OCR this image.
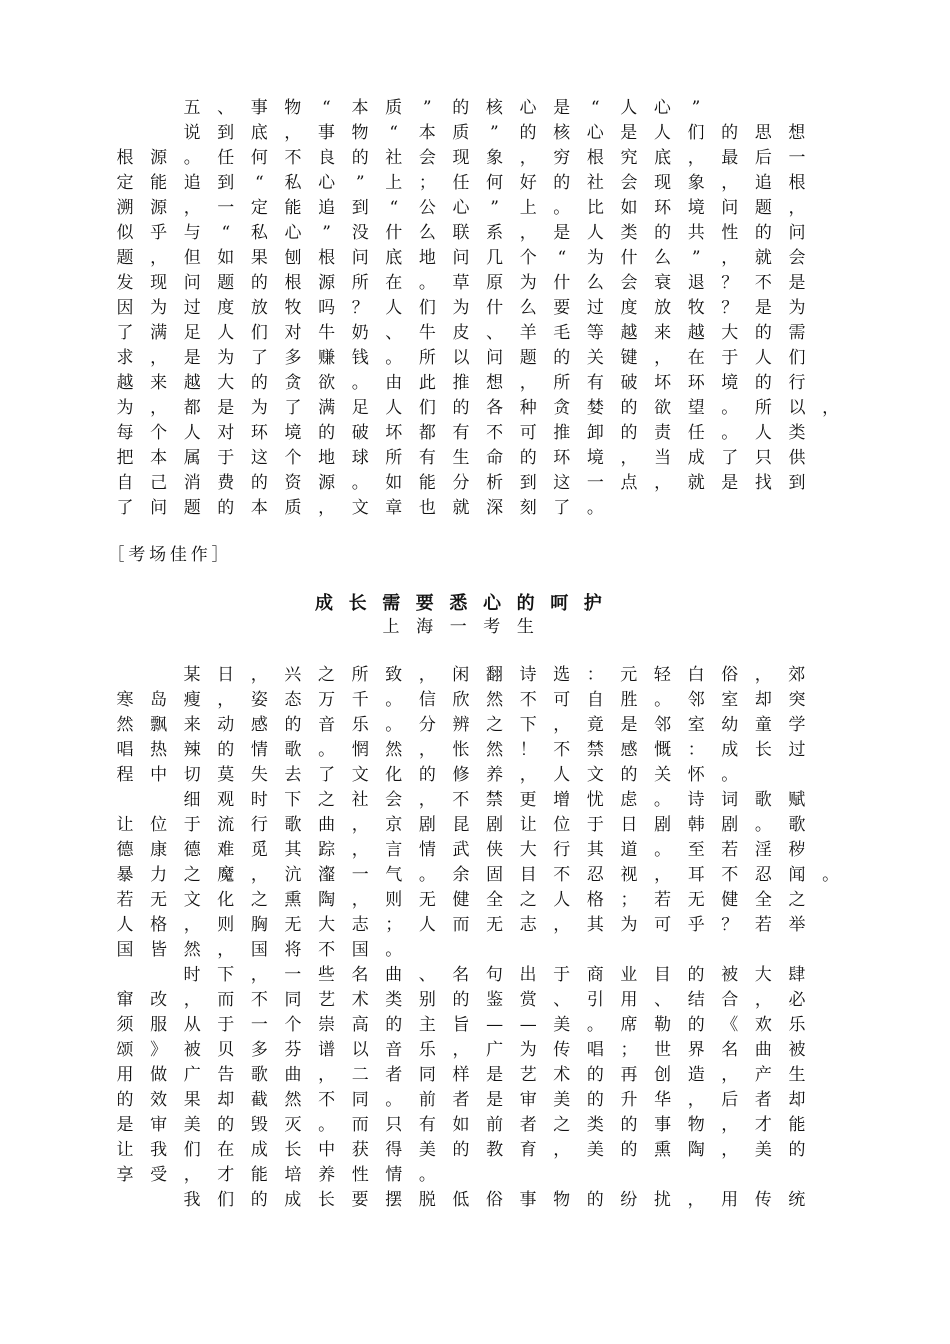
五 、 事 物	“	本 质	”	的 核 心 是	“	人 心	”
说 到 底 ， 事 物	“	本 质	”	的 核 心 是 人 们 的 思 想
根 源 。 任 何 不 良 的 社 会 现 象 ， 穷 根 究 底 ， 最 后 一
定 能 追 到	“	私 心	”	上 ； 任 何 好 的 社 会 现 象 ， 追 根
溯 源 ， 一 定 能 追 到	“	公 心	”	上 。 比 如 环 境 问 题 ，
似 乎 与	“	私 心	”	没 什 么 联 系 ， 是 人 类 的 共 性 的 问
题 ， 但 如 果 刨 根 问 底 地 问 几 个	“	为 什 么	”	， 就 会
发 现 问 题 的 根 源 所 在 。 草 原 为 什 么 会 衰 退 ？ 不 是
因 为 过 度 放 牧 吗 ？ 人 们 为 什 么 要 过 度 放 牧 ？ 是 为
了 满 足 人 们 对 牛 奶 、 牛 皮 、 羊 毛 等 越 来 越 大 的 需
求 ， 是 为 了 多 赚 钱 。 所 以 问 题 的 关 键 ， 在 于 人 们
越 来 越 大 的 贪 欲 。 由 此 推 想 ， 所 有 破 坏 环 境 的 行
为 ， 都 是 为 了 满 足 人 们 的 各 种 贪 婪 的 欲 望 。 所 以 ，
每 个 人 对 环 境 的 破 坏 都 有 不 可 推 卸 的 责 任 。 人 类
把 本 属 于 这 个 地 球 所 有 生 命 的 环 境 ， 当 成 了 只 供
自 己 消 费 的 资 源 。 如 能 分 析 到 这 一 点 ， 就 是 找 到
了 问 题 的 本 质 ， 文 章 也 就 深 刻 了 。
［ 考 场 佳 作 ］
成 长 需 要 悉 心 的 呵 护
上 海 一 考 生
某 日 ， 兴 之 所 致 ， 闲 翻 诗 选 ： 元 轻 白 俗 ， 郊
寒 岛 瘦 ， 姿 态 万 千 。 信 欣 然 不 可 自 胜 。 邻 室 却 突
然 飘 来 动 感 的 音 乐 。 分 辨 之 下 ， 竟 是 邻 室 幼 童 学
唱 热 辣 的 情 歌 。 惘 然 ， 怅 然 ！ 不 禁 感 慨 ： 成 长 过
程 中 切 莫 失 去 了 文 化 的 修 养 ， 人 文 的 关 怀 。
细 观 时 下 之 社 会 ， 不 禁 更 增 忧 虑 。 诗 词 歌 赋
让 位 于 流 行 歌 曲 ， 京 剧 昆 剧 让 位 于 日 剧 韩 剧 。 歌
德 康 德 难 觅 其 踪 ， 言 情 武 侠 大 行 其 道 。 至 若 淫 秽
暴 力 之 魔 ， 沆 瀣 一 气 。 余 固 目 不 忍 视 ， 耳 不 忍 闻 。
若 无 文 化 之 熏 陶 ， 则 无 健 全 之 人 格 ； 若 无 健 全 之
人 格 ， 则 胸 无 大 志 ； 人 而 无 志 ， 其 为 可 乎 ？ 若 举
国 皆 然 ， 国 将 不 国 。
时 下 ， 一 些 名 曲 、 名 句 出 于 商 业 目 的 被 大 肆
窜 改 ， 而 不 同 艺 术 类 别 的 鉴 赏 、 引 用 、 结 合 ， 必
须 服 从 于 一 个 崇 高 的 主 旨 — — 美 。 席 勒 的 《 欢 乐
颂 》 被 贝 多 芬 谱 以 音 乐 ， 广 为 传 唱 ； 世 界 名 曲 被
用 做 广 告 歌 曲 ， 二 者 同 样 是 艺 术 的 再 创 造 ， 产 生
的 效 果 却 截 然 不 同 。 前 者 是 审 美 的 升 华 ， 后 者 却
是 审 美 的 毁 灭 。 而 只 有 如 前 者 之 类 的 事 物 ， 才 能
让 我 们 在 成 长 中 获 得 美 的 教 育 ， 美 的 熏 陶 ， 美 的
享 受 ， 才 能 培 养 性 情 。
我 们 的 成 长 要 摆 脱 低 俗 事 物 的 纷 扰 ， 用 传 统
